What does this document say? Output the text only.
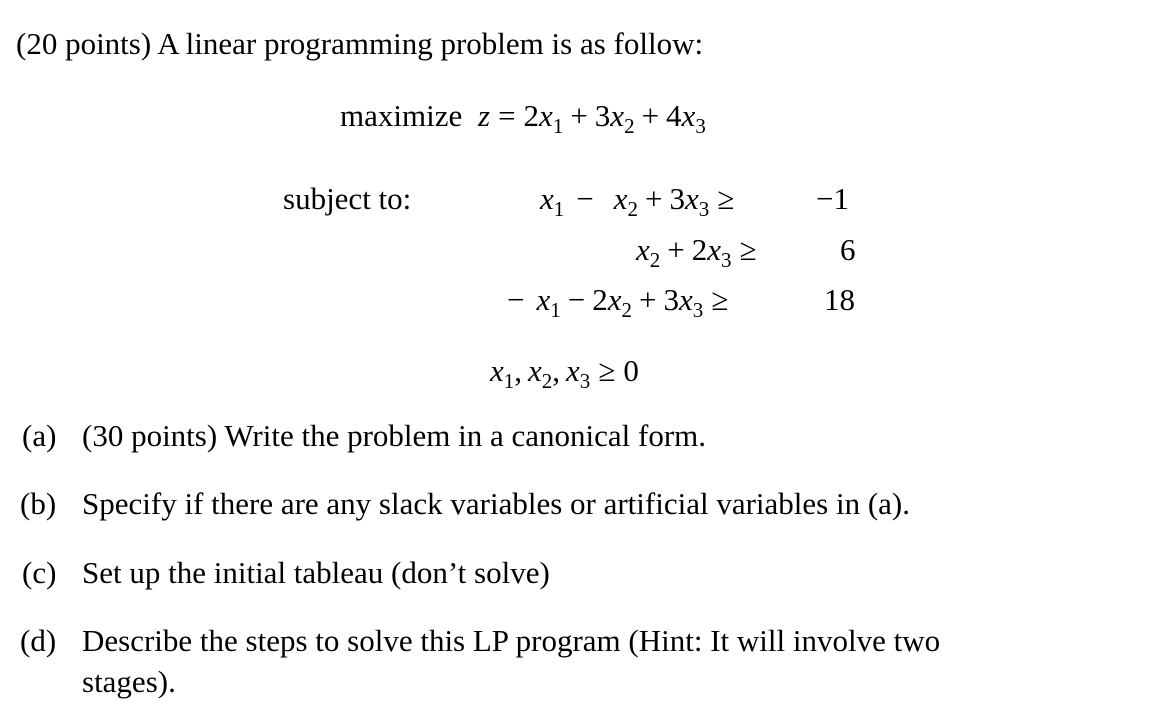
(20 points) A linear programming problem is as follow:
maximize $z = 2x_1 + 3x_2 + 4x_3$
subject to:	$x_1 - x_2 + 3x_3$ ≥	−1
$x_2 + 2x_3$ ≥	6
− $x_1 - 2x_2 + 3x_3$ ≥	18
$x_1$, $x_2$, $x_3 \ge 0$
(a) (30 points) Write the problem in a canonical form.
(b) Specify if there are any slack variables or artificial variables in (a).
(c) Set up the initial tableau (don’t solve)
(d) Describe the steps to solve this LP program (Hint: It will involve two
stages).
